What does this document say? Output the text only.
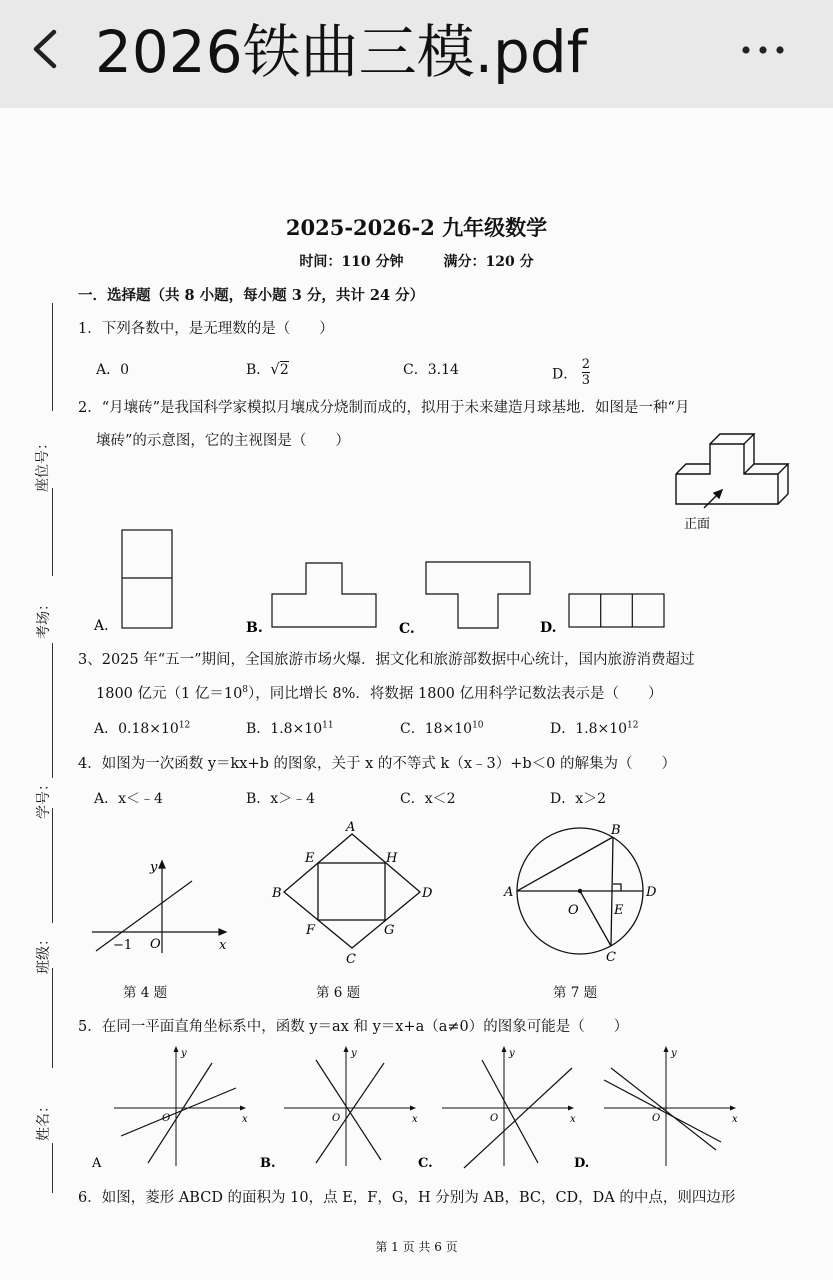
2026铁曲三模.pdf
2025-2026-2 九年级数学
时间：110 分钟	满分：120 分
一．选择题（共 8 小题，每小题 3 分，共计 24 分）
座位号：
考场：
学号：
班级：
姓名：
1．下列各数中，是无理数的是（　　）
A．0	B．√2	C．3.14	D． $\frac{2}{3}$
2．“月壤砖”是我国科学家模拟月壤成分烧制而成的，拟用于未来建造月球基地．如图是一种“月
壤砖”的示意图，它的主视图是（　　）
正面
A.	B.	C.	D.
3、2025 年“五一”期间，全国旅游市场火爆．据文化和旅游部数据中心统计，国内旅游消费超过
1800 亿元（1 亿$=10^8$），同比增长 8%．将数据 1800 亿用科学记数法表示是（　　）
A．$0.18\times 10^{12}$	B．$1.8\times 10^{11}$	C．$18\times 10^{10}$	D．$1.8\times 10^{12}$
4．如图为一次函数 y＝kx+b 的图象，关于 x 的不等式 k（x﹣3）+b＜0 的解集为（　　）
A．x＜﹣4	B．x＞﹣4	C．x＜2	D．x＞2
y
x
O
−1
第 4 题
A
B
C
D
E
F	G
H
第 6 题
B
A
O	E
D
C
第 7 题
5．在同一平面直角坐标系中，函数 y＝ax 和 y＝x+a（a≠0）的图象可能是（　　）
O
y
x	O
y
x	O
y
x	O
y
x
A	B.	C.	D.
6．如图，菱形 ABCD 的面积为 10，点 E，F，G，H 分别为 AB，BC，CD，DA 的中点，则四边形
第 1 页 共 6 页
